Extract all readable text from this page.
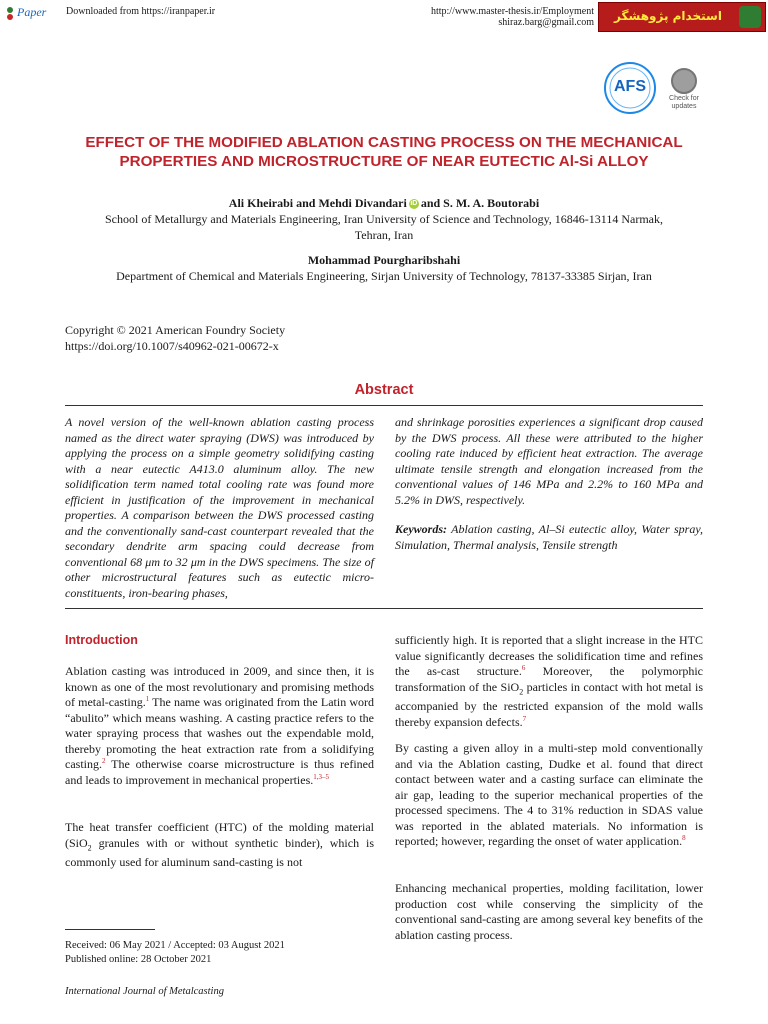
Paper Downloaded from https://iranpaper.ir	http://www.master-thesis.ir/Employment
shiraz.barg@gmail.com	استخدام پژوهشگر
AFS
Check for updates
EFFECT OF THE MODIFIED ABLATION CASTING PROCESS ON THE MECHANICAL
PROPERTIES AND MICROSTRUCTURE OF NEAR EUTECTIC Al-Si ALLOY
Ali Kheirabi and Mehdi Divandari iD and S. M. A. Boutorabi
School of Metallurgy and Materials Engineering, Iran University of Science and Technology, 16846-13114 Narmak,
Tehran, Iran
Mohammad Pourgharibshahi
Department of Chemical and Materials Engineering, Sirjan University of Technology, 78137-33385 Sirjan, Iran
Copyright © 2021 American Foundry Society
https://doi.org/10.1007/s40962-021-00672-x
Abstract
A novel version of the well-known ablation casting process named as the direct water spraying (DWS) was introduced by applying the process on a simple geometry solidifying casting with a near eutectic A413.0 aluminum alloy. The new solidification term named total cooling rate was found more efficient in justification of the improvement in mechanical properties. A comparison between the DWS processed casting and the conventionally sand-cast counterpart revealed that the secondary dendrite arm spacing could decrease from conventional 68 μm to 32 μm in the DWS specimens. The size of other microstructural features such as eutectic micro-constituents, iron-bearing phases,
and shrinkage porosities experiences a significant drop caused by the DWS process. All these were attributed to the higher cooling rate induced by efficient heat extraction. The average ultimate tensile strength and elongation increased from the conventional values of 146 MPa and 2.2% to 160 MPa and 5.2% in DWS, respectively.
Keywords: Ablation casting, Al–Si eutectic alloy, Water spray, Simulation, Thermal analysis, Tensile strength
Introduction
Ablation casting was introduced in 2009, and since then, it is known as one of the most revolutionary and promising methods of metal-casting.$^1$ The name was originated from the Latin word “abulito” which means washing. A casting practice refers to the water spraying process that washes out the expendable mold, thereby promoting the heat extraction rate from a solidifying casting.$^2$ The otherwise coarse microstructure is thus refined and leads to improvement in mechanical properties.$^{1,3-5}$
The heat transfer coefficient (HTC) of the molding material (SiO$_2$ granules with or without synthetic binder), which is commonly used for aluminum sand-casting is not
sufficiently high. It is reported that a slight increase in the HTC value significantly decreases the solidification time and refines the as-cast structure.$^6$ Moreover, the polymorphic transformation of the SiO$_2$ particles in contact with hot metal is accompanied by the restricted expansion of the mold walls thereby expansion defects.$^7$
By casting a given alloy in a multi-step mold conventionally and via the Ablation casting, Dudke et al. found that direct contact between water and a casting surface can eliminate the air gap, leading to the superior mechanical properties of the processed specimens. The 4 to 31% reduction in SDAS value was reported in the ablated materials. No information is reported; however, regarding the onset of water application.$^8$
Enhancing mechanical properties, molding facilitation, lower production cost while conserving the simplicity of the conventional sand-casting are among several key benefits of the ablation casting process.
Received: 06 May 2021 / Accepted: 03 August 2021
Published online: 28 October 2021
International Journal of Metalcasting
